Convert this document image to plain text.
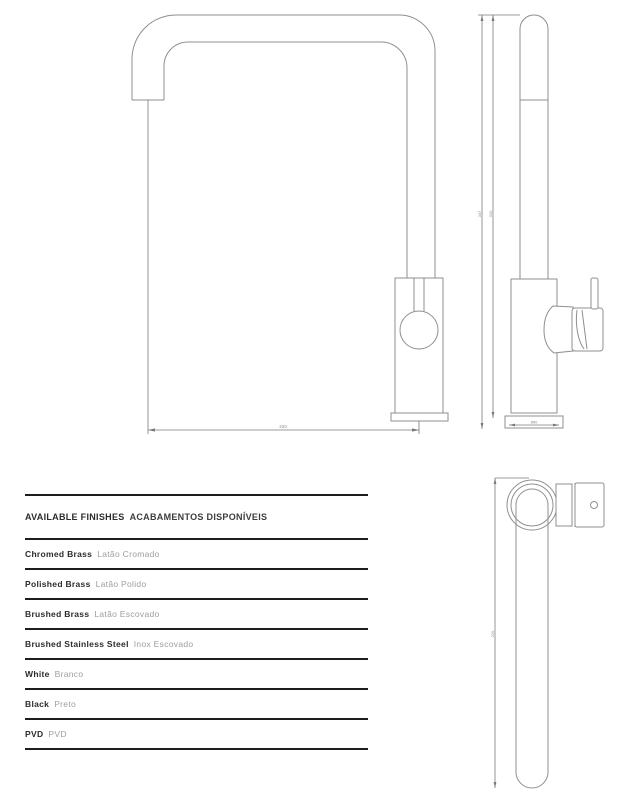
220
347 310
Ø50
220
AVAILABLE FINISHES ACABAMENTOS DISPONÍVEIS
Chromed Brass Latão Cromado
Polished Brass Latão Polido
Brushed Brass Latão Escovado
Brushed Stainless Steel Inox Escovado
White Branco
Black Preto
PVD PVD
